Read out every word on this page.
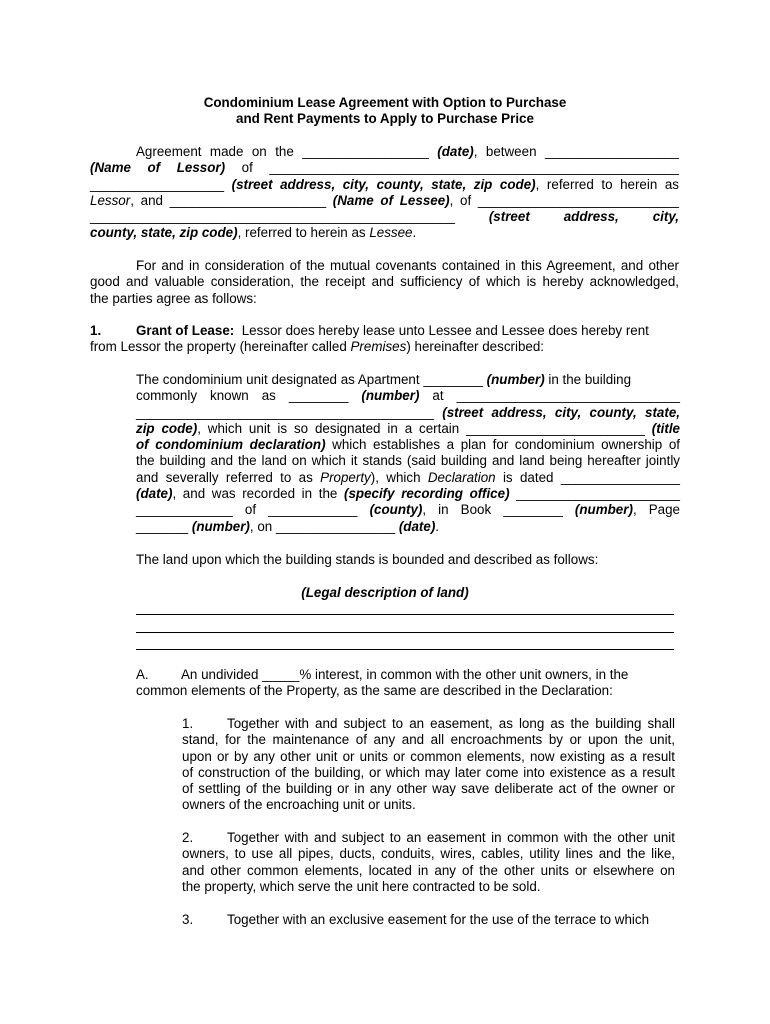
Condominium Lease Agreement with Option to Purchase
and Rent Payments to Apply to Purchase Price
Agreement made on the _________________ (date), between __________________
(Name of Lessor) of _______________________________________________________
__________________ (street address, city, county, state, zip code), referred to herein as
Lessor, and _____________________ (Name of Lessee), of ___________________________
_________________________________________________ (street address, city,
county, state, zip code), referred to herein as Lessee.
For and in consideration of the mutual covenants contained in this Agreement, and other
good and valuable consideration, the receipt and sufficiency of which is hereby acknowledged,
the parties agree as follows:
1.	Grant of Lease: Lessor does hereby lease unto Lessee and Lessee does hereby rent
from Lessor the property (hereinafter called Premises) hereinafter described:
The condominium unit designated as Apartment ________ (number) in the building
commonly known as ________ (number) at ______________________________
________________________________________ (street address, city, county, state,
zip code), which unit is so designated in a certain ________________________ (title
of condominium declaration) which establishes a plan for condominium ownership of
the building and the land on which it stands (said building and land being hereafter jointly
and severally referred to as Property), which Declaration is dated ________________
(date), and was recorded in the (specify recording office) ______________________
_____________ of ____________ (county), in Book ________ (number), Page
_______ (number), on ________________ (date).
The land upon which the building stands is bounded and described as follows:
(Legal description of land)
A. An undivided _____% interest, in common with the other unit owners, in the
common elements of the Property, as the same are described in the Declaration:
1.	Together with and subject to an easement, as long as the building shall
stand, for the maintenance of any and all encroachments by or upon the unit,
upon or by any other unit or units or common elements, now existing as a result
of construction of the building, or which may later come into existence as a result
of settling of the building or in any other way save deliberate act of the owner or
owners of the encroaching unit or units.
2.	Together with and subject to an easement in common with the other unit
owners, to use all pipes, ducts, conduits, wires, cables, utility lines and the like,
and other common elements, located in any of the other units or elsewhere on
the property, which serve the unit here contracted to be sold.
3.	Together with an exclusive easement for the use of the terrace to which
